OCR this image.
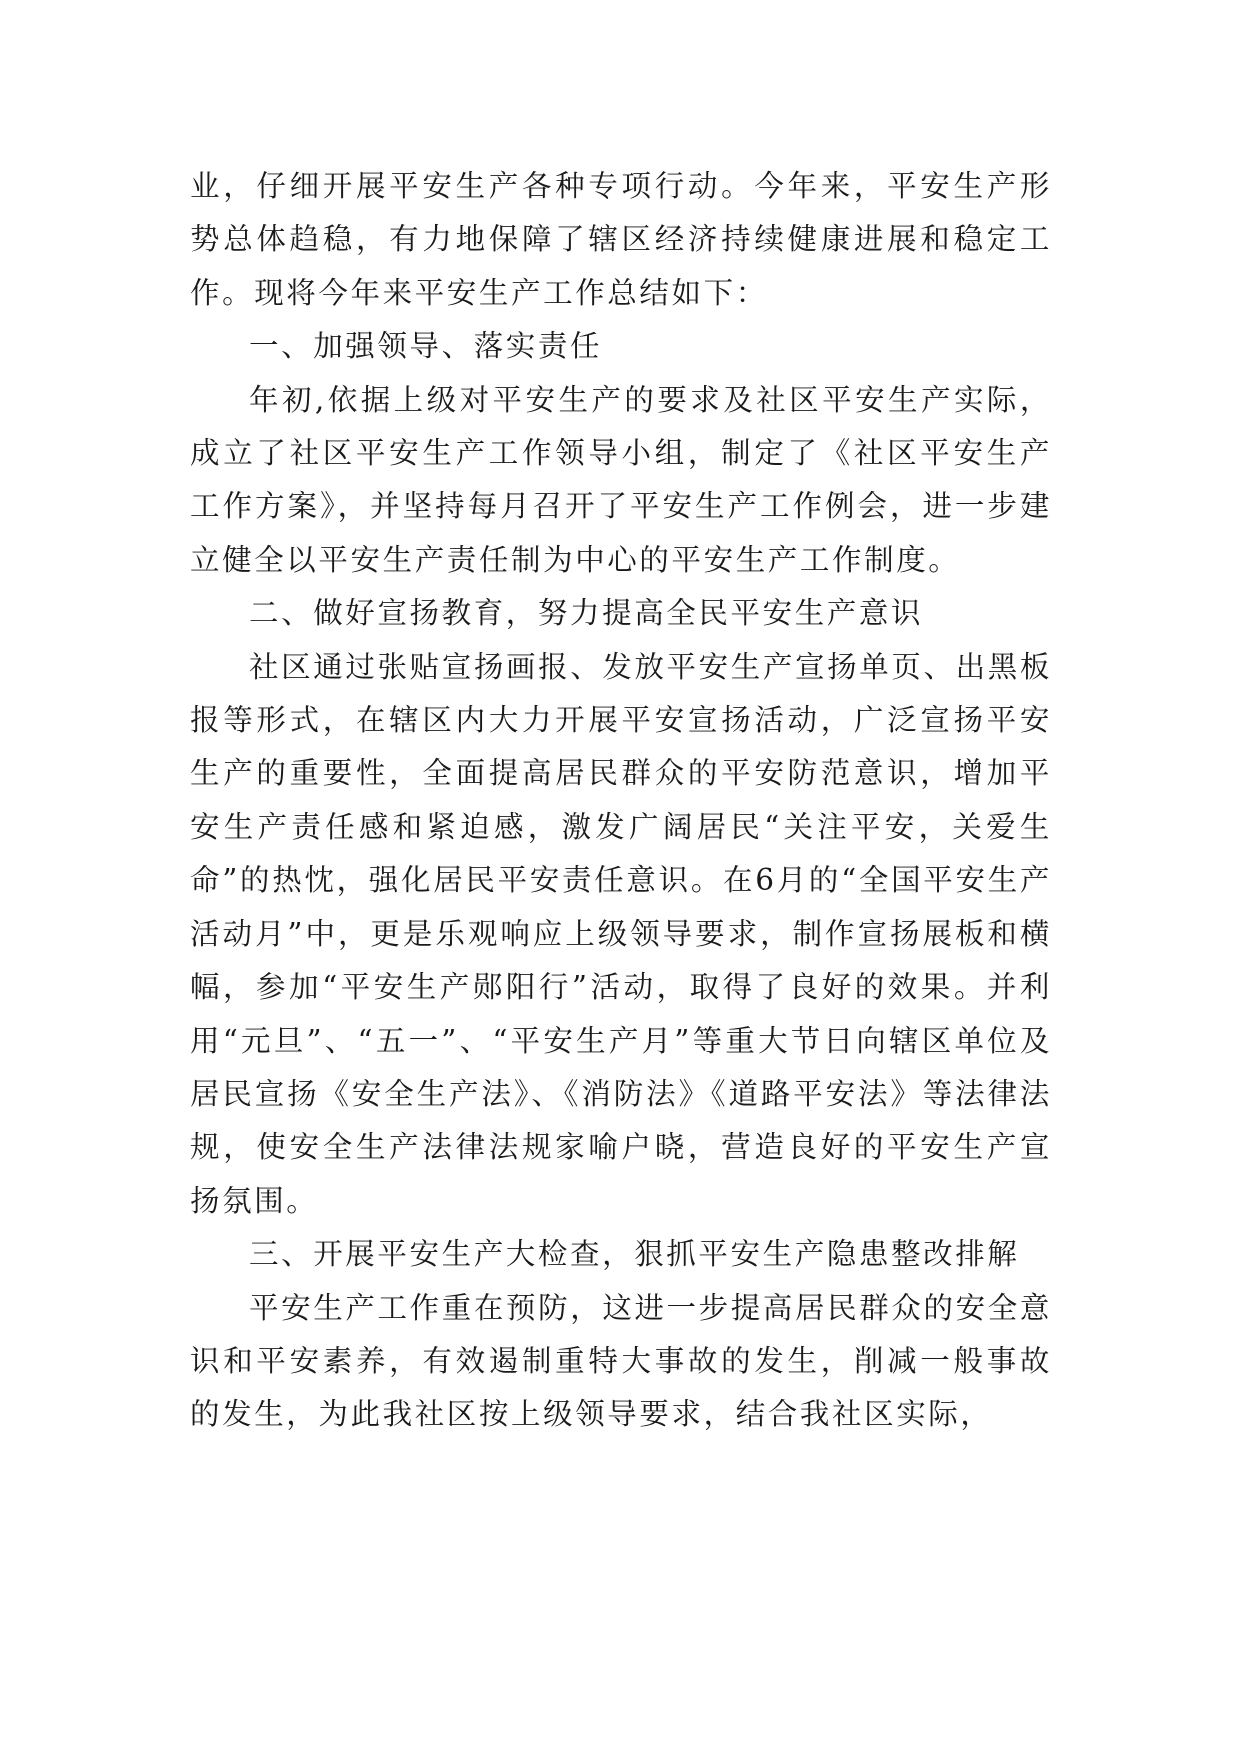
业，仔细开展平安生产各种专项行动。今年来，平安生产形势总体趋稳，有力地保障了辖区经济持续健康进展和稳定工作。现将今年来平安生产工作总结如下：

一、加强领导、落实责任

年初,依据上级对平安生产的要求及社区平安生产实际，成立了社区平安生产工作领导小组，制定了《社区平安生产工作方案》，并坚持每月召开了平安生产工作例会，进一步建立健全以平安生产责任制为中心的平安生产工作制度。

二、做好宣扬教育，努力提高全民平安生产意识

社区通过张贴宣扬画报、发放平安生产宣扬单页、出黑板报等形式，在辖区内大力开展平安宣扬活动，广泛宣扬平安生产的重要性，全面提高居民群众的平安防范意识，增加平安生产责任感和紧迫感，激发广阔居民“关注平安，关爱生命”的热忱，强化居民平安责任意识。在6月的“全国平安生产活动月”中，更是乐观响应上级领导要求，制作宣扬展板和横幅，参加“平安生产郧阳行”活动，取得了良好的效果。并利用“元旦”、“五一”、“平安生产月”等重大节日向辖区单位及居民宣扬《安全生产法》、《消防法》《道路平安法》等法律法规，使安全生产法律法规家喻户晓，营造良好的平安生产宣扬氛围。

三、开展平安生产大检查，狠抓平安生产隐患整改排解

平安生产工作重在预防，这进一步提高居民群众的安全意识和平安素养，有效遏制重特大事故的发生，削减一般事故的发生，为此我社区按上级领导要求，结合我社区实际，
